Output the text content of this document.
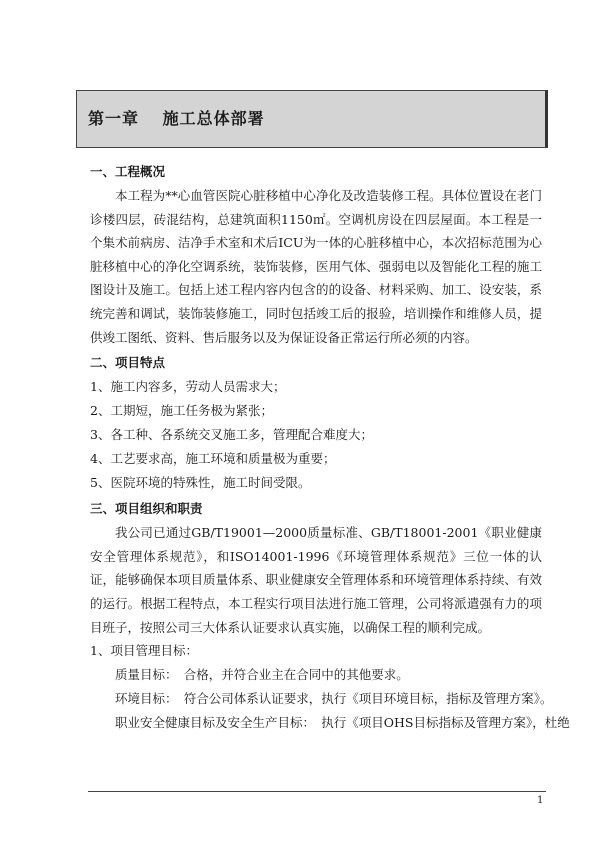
第一章　 施工总体部署
一、工程概况
本工程为**心血管医院心脏移植中心净化及改造装修工程。具体位置设在老门诊楼四层，砖混结构，总建筑面积1150㎡。空调机房设在四层屋面。本工程是一个集术前病房、洁净手术室和术后ICU为一体的心脏移植中心，本次招标范围为心脏移植中心的净化空调系统，装饰装修，医用气体、强弱电以及智能化工程的施工图设计及施工。包括上述工程内容内包含的的设备、材料采购、加工、设安装，系统完善和调试，装饰装修施工，同时包括竣工后的报验，培训操作和维修人员，提供竣工图纸、资料、售后服务以及为保证设备正常运行所必须的内容。
二、项目特点
1、施工内容多，劳动人员需求大；
2、工期短，施工任务极为紧张；
3、各工种、各系统交叉施工多，管理配合难度大；
4、工艺要求高，施工环境和质量极为重要；
5、医院环境的特殊性，施工时间受限。
三、项目组织和职责
我公司已通过GB/T19001—2000质量标准、GB/T18001-2001《职业健康安全管理体系规范》，和ISO14001-1996《环境管理体系规范》三位一体的认证，能够确保本项目质量体系、职业健康安全管理体系和环境管理体系持续、有效的运行。根据工程特点，本工程实行项目法进行施工管理，公司将派遣强有力的项目班子，按照公司三大体系认证要求认真实施，以确保工程的顺利完成。
1、项目管理目标：
质量目标：　合格，并符合业主在合同中的其他要求。
环境目标：　符合公司体系认证要求，执行《项目环境目标，指标及管理方案》。
职业安全健康目标及安全生产目标：　执行《项目OHS目标指标及管理方案》，杜绝
1
